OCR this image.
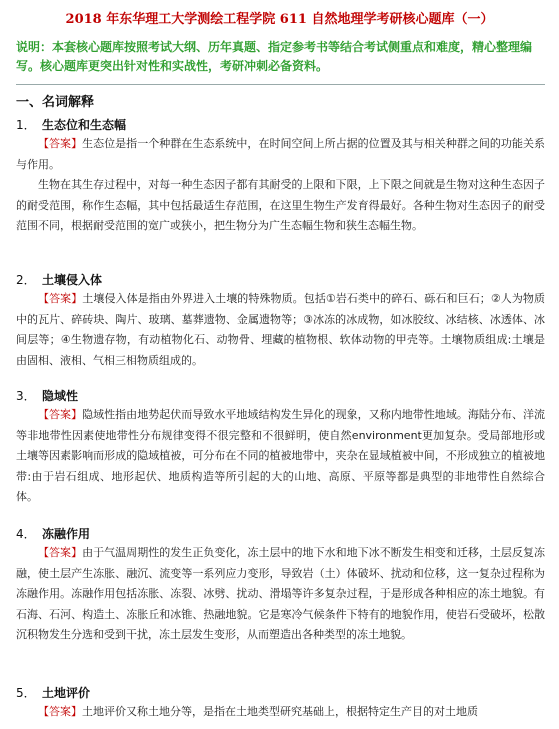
2018 年东华理工大学测绘工程学院 611 自然地理学考研核心题库（一）
说明：本套核心题库按照考试大纲、历年真题、指定参考书等结合考试侧重点和难度，精心整理编写。核心题库更突出针对性和实战性，考研冲刺必备资料。
一、名词解释
1． 生态位和生态幅

【答案】生态位是指一个种群在生态系统中，在时间空间上所占据的位置及其与相关种群之间的功能关系与作用。

生物在其生存过程中，对每一种生态因子都有其耐受的上限和下限，上下限之间就是生物对这种生态因子的耐受范围，称作生态幅，其中包括最适生存范围，在这里生物生产发育得最好。各种生物对生态因子的耐受范围不同，根据耐受范围的宽广或狭小，把生物分为广生态幅生物和狭生态幅生物。

2． 土壤侵入体

【答案】土壤侵入体是指由外界进入土壤的特殊物质。包括①岩石类中的碎石、砾石和巨石；②人为物质中的瓦片、碎砖块、陶片、玻璃、墓葬遗物、金属遗物等；③冰冻的冰成物，如冰胶纹、冰结核、冰透体、冰间层等；④生物遗存物，有动植物化石、动物骨、埋藏的植物根、软体动物的甲壳等。土壤物质组成:土壤是由固相、液相、气相三相物质组成的。

3． 隐域性

【答案】隐域性指由地势起伏而导致水平地域结构发生异化的现象，又称内地带性地域。海陆分布、洋流等非地带性因素使地带性分布规律变得不很完整和不很鲜明，使自然environment更加复杂。受局部地形或土壤等因素影响而形成的隐域植被，可分布在不同的植被地带中，夹杂在显域植被中间，不形成独立的植被地带:由于岩石组成、地形起伏、地质构造等所引起的大的山地、高原、平原等都是典型的非地带性自然综合体。

4． 冻融作用

【答案】由于气温周期性的发生正负变化，冻土层中的地下水和地下冰不断发生相变和迁移，土层反复冻融，使土层产生冻胀、融沉、流变等一系列应力变形，导致岩（土）体破坏、扰动和位移，这一复杂过程称为冻融作用。冻融作用包括冻胀、冻裂、冰劈、扰动、滑塌等许多复杂过程，于是形成各种相应的冻土地貌。有石海、石河、构造土、冻胀丘和冰锥、热融地貌。它是寒冷气候条件下特有的地貌作用，使岩石受破坏，松散沉积物发生分选和受到干扰，冻土层发生变形，从而塑造出各种类型的冻土地貌。

5． 土地评价

【答案】土地评价又称土地分等，是指在土地类型研究基础上，根据特定生产目的对土地质
